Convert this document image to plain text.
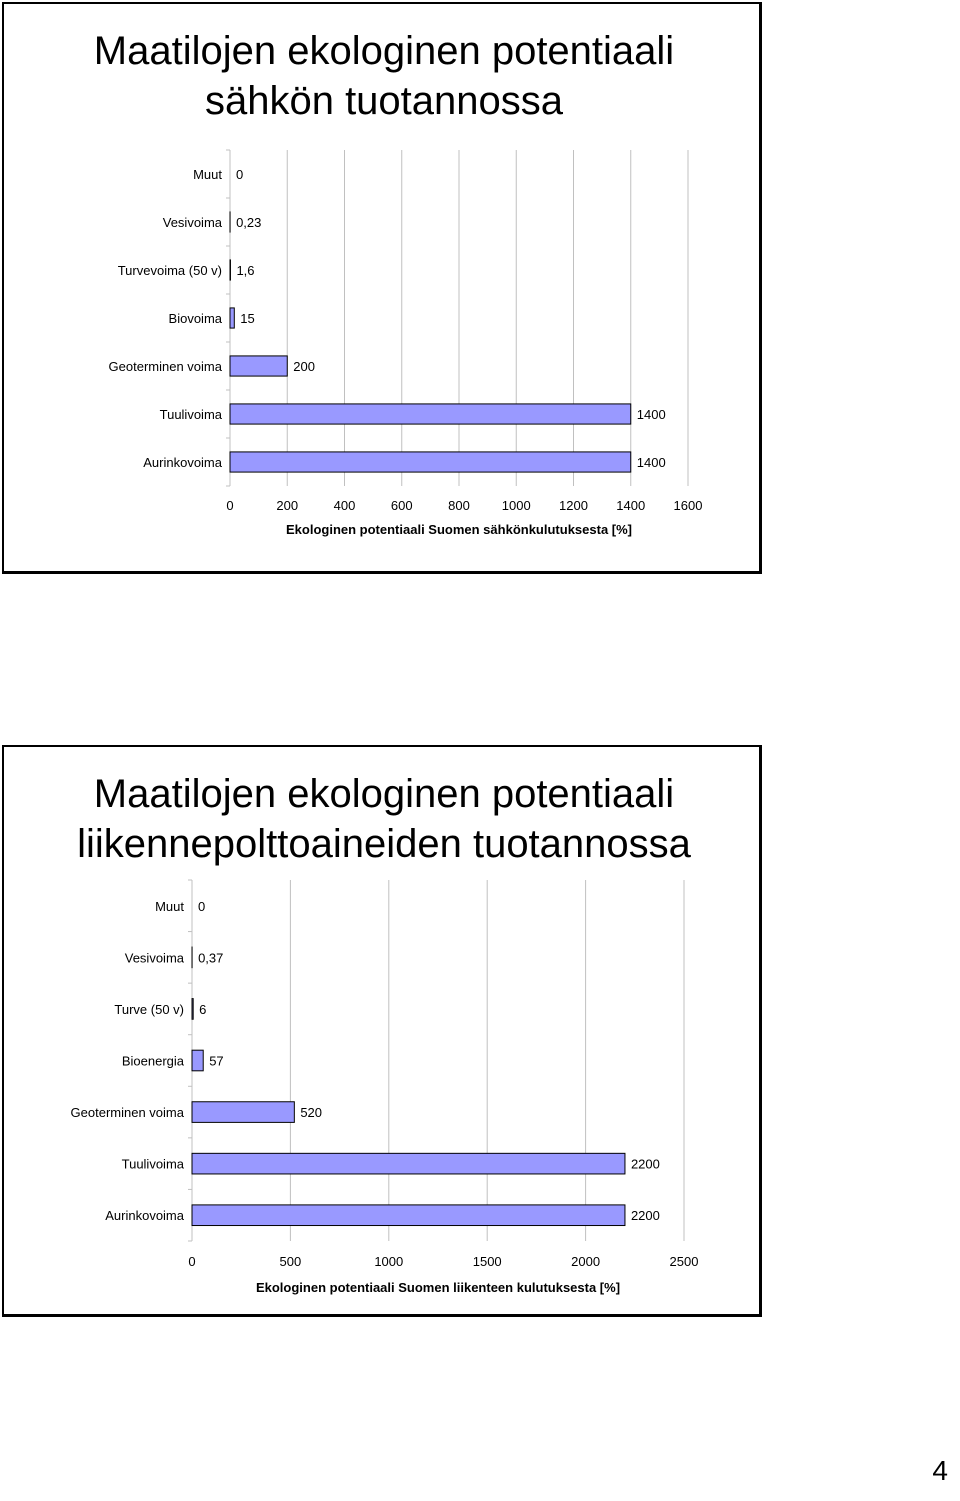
Maatilojen ekologinen potentiaali
sähkön tuotannossa
Muut 0
Vesivoima 0,23
Turvevoima (50 v) 1,6
Biovoima 15
Geoterminen voima	200
Tuulivoima	1400
Aurinkovoima	1400
0	200	400	600	800 1000 1200 1400 1600
Ekologinen potentiaali Suomen sähkönkulutuksesta [%]
Maatilojen ekologinen potentiaali
liikennepolttoaineiden tuotannossa
Muut 0
Vesivoima 0,37
Turve (50 v) 6
Bioenergia 57
Geoterminen voima	520
Tuulivoima	2200
Aurinkovoima	2200
0	500	1000	1500	2000	2500
Ekologinen potentiaali Suomen liikenteen kulutuksesta [%]
4
